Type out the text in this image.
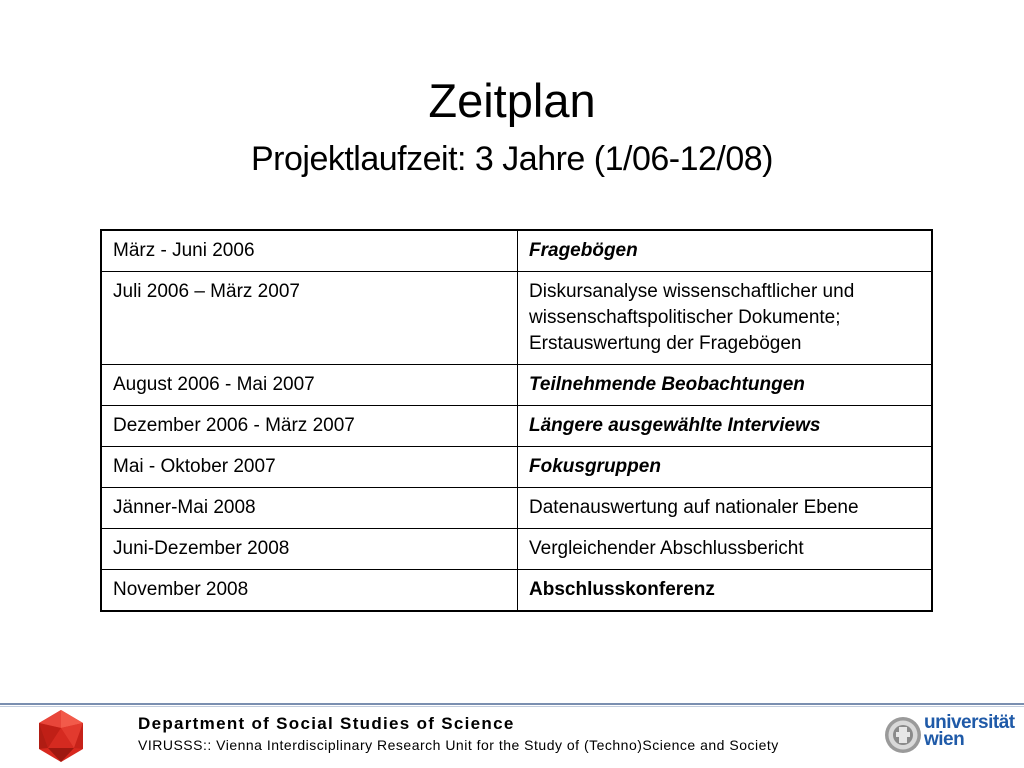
Zeitplan
Projektlaufzeit: 3 Jahre (1/06-12/08)
März - Juni 2006	Fragebögen
Juli 2006 – März 2007	Diskursanalyse wissenschaftlicher und wissenschaftspolitischer Dokumente; Erstauswertung der Fragebögen
August 2006 - Mai 2007	Teilnehmende Beobachtungen
Dezember 2006 - März 2007	Längere ausgewählte Interviews
Mai - Oktober 2007	Fokusgruppen
Jänner-Mai 2008	Datenauswertung auf nationaler Ebene
Juni-Dezember 2008	Vergleichender Abschlussbericht
November 2008	Abschlusskonferenz
Department of Social Studies of Science
VIRUSSS:: Vienna Interdisciplinary Research Unit for the Study of (Techno)Science and Society
universität
wien
